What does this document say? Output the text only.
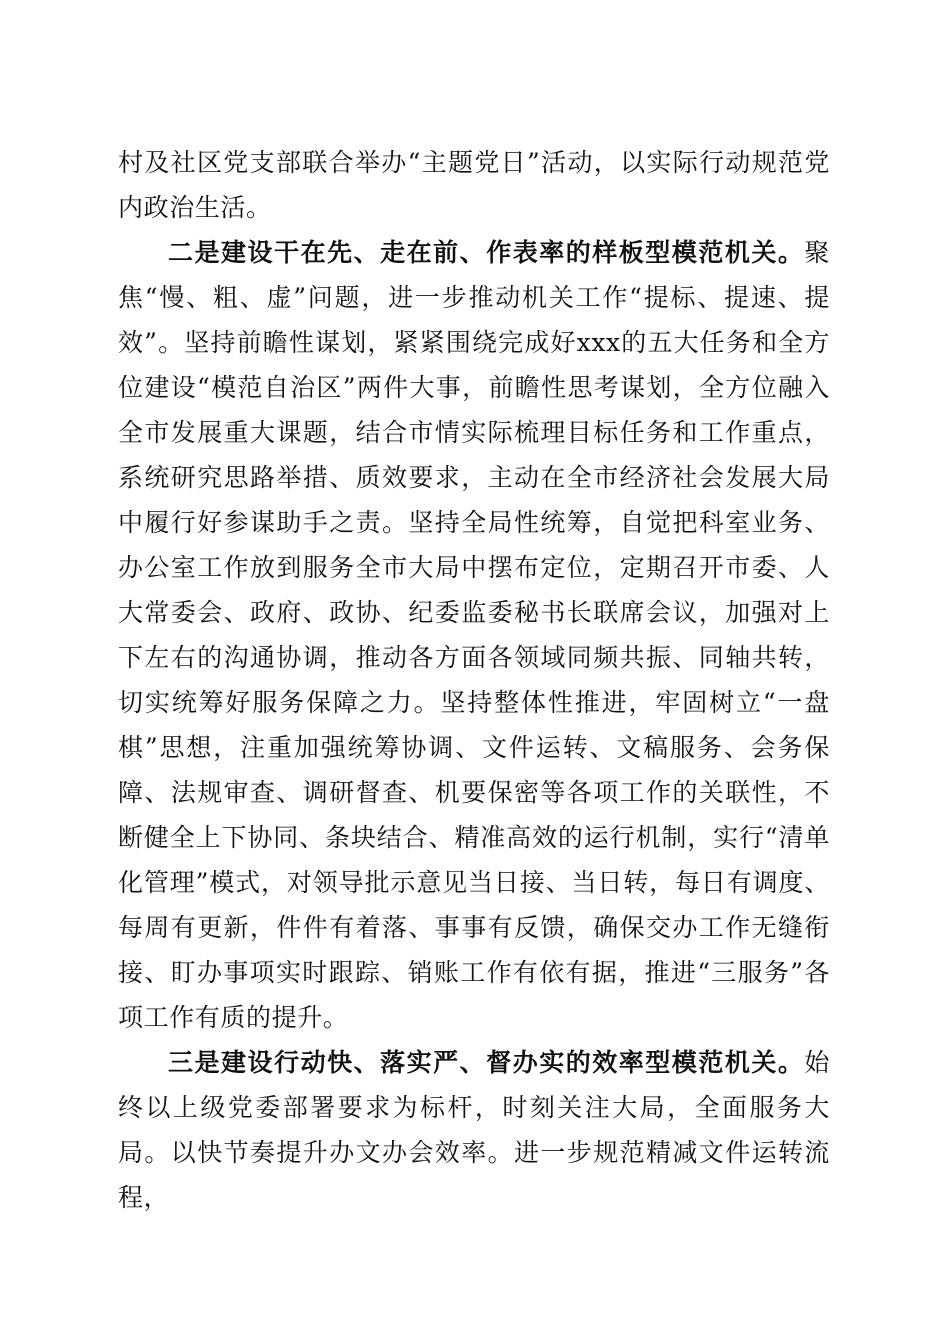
村及社区党支部联合举办“主题党日”活动，以实际行动规范党内政治生活。

二是建设干在先、走在前、作表率的样板型模范机关。聚焦“慢、粗、虚”问题，进一步推动机关工作“提标、提速、提效”。坚持前瞻性谋划，紧紧围绕完成好xxx的五大任务和全方位建设“模范自治区”两件大事，前瞻性思考谋划，全方位融入全市发展重大课题，结合市情实际梳理目标任务和工作重点，系统研究思路举措、质效要求，主动在全市经济社会发展大局中履行好参谋助手之责。坚持全局性统筹，自觉把科室业务、办公室工作放到服务全市大局中摆布定位，定期召开市委、人大常委会、政府、政协、纪委监委秘书长联席会议，加强对上下左右的沟通协调，推动各方面各领域同频共振、同轴共转，切实统筹好服务保障之力。坚持整体性推进，牢固树立“一盘棋”思想，注重加强统筹协调、文件运转、文稿服务、会务保障、法规审查、调研督查、机要保密等各项工作的关联性，不断健全上下协同、条块结合、精准高效的运行机制，实行“清单化管理”模式，对领导批示意见当日接、当日转，每日有调度、每周有更新，件件有着落、事事有反馈，确保交办工作无缝衔接、盯办事项实时跟踪、销账工作有依有据，推进“三服务”各项工作有质的提升。

三是建设行动快、落实严、督办实的效率型模范机关。始终以上级党委部署要求为标杆，时刻关注大局，全面服务大局。以快节奏提升办文办会效率。进一步规范精减文件运转流程，
